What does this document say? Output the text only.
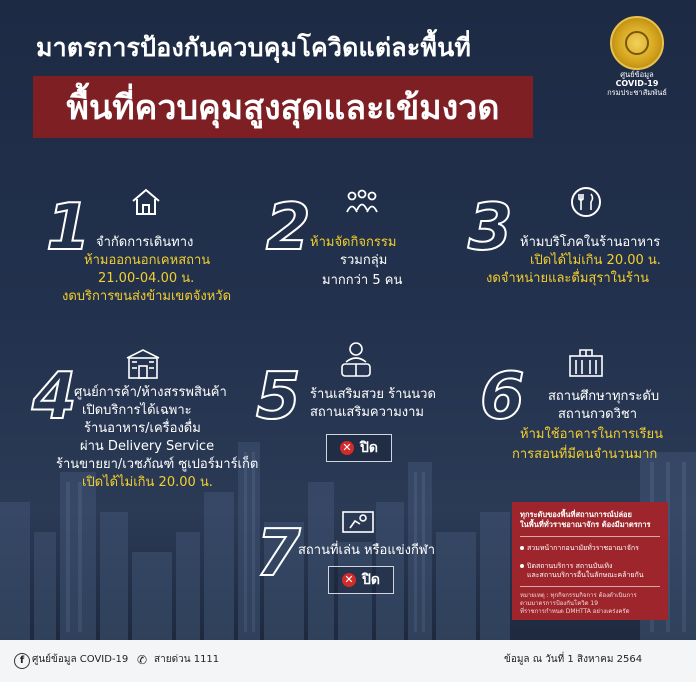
มาตรการป้องกันควบคุมโควิดแต่ละพื้นที่
พื้นที่ควบคุมสูงสุดและเข้มงวด
ศูนย์ข้อมูล
COVID-19
กรมประชาสัมพันธ์
1 จำกัดการเดินทาง
ห้ามออกนอกเคหสถาน
21.00-04.00 น.
งดบริการขนส่งข้ามเขตจังหวัด
2 ห้ามจัดกิจกรรม
รวมกลุ่ม
มากกว่า 5 คน
3 ห้ามบริโภคในร้านอาหาร
เปิดได้ไม่เกิน 20.00 น.
งดจำหน่ายและดื่มสุราในร้าน
4
ศูนย์การค้า/ห้างสรรพสินค้า
เปิดบริการได้เฉพาะ
ร้านอาหาร/เครื่องดื่ม
ผ่าน Delivery Service
ร้านขายยา/เวชภัณฑ์ ซูเปอร์มาร์เก็ต
เปิดได้ไม่เกิน 20.00 น.
5 ร้านเสริมสวย ร้านนวด
สถานเสริมความงาม
✕ ปิด
6 สถานศึกษาทุกระดับ
สถานกวดวิชา
ห้ามใช้อาคารในการเรียน
การสอนที่มีคนจำนวนมาก
7
สถานที่เล่น หรือแข่งกีฬา
✕ ปิด
ทุกระดับของพื้นที่สถานการณ์ปล่อย
ในพื้นที่ทั่วราชอาณาจักร ต้องมีมาตรการ
สวมหน้ากากอนามัยทั่วราชอาณาจักร
ปิดสถานบริการ สถานบันเทิง
และสถานบริการอื่นในลักษณะคล้ายกัน
หมายเหตุ : ทุกกิจกรรมกิจการ ต้องดำเนินการ
ตามมาตรการป้องกันโควิด 19
ที่ราชการกำหนด DMHTTA อย่างเคร่งครัด
f ศูนย์ข้อมูล COVID-19 ✆ สายด่วน 1111	ข้อมูล ณ วันที่ 1 สิงหาคม 2564
